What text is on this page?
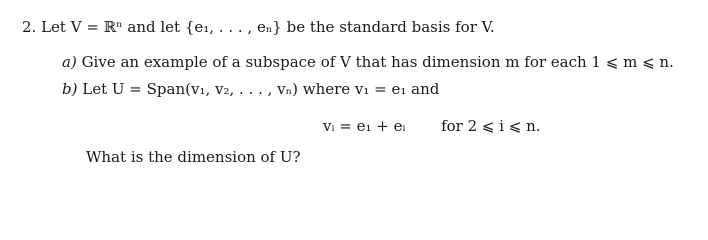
2. Let V = ℝⁿ and let {e₁, . . . , eₙ} be the standard basis for V.
a) Give an example of a subspace of V that has dimension m for each 1 ⩽ m ⩽ n.
b) Let U = Span(v₁, v₂, . . . , vₙ) where v₁ = e₁ and
vᵢ = e₁ + eᵢ for 2 ⩽ i ⩽ n.
What is the dimension of U?
